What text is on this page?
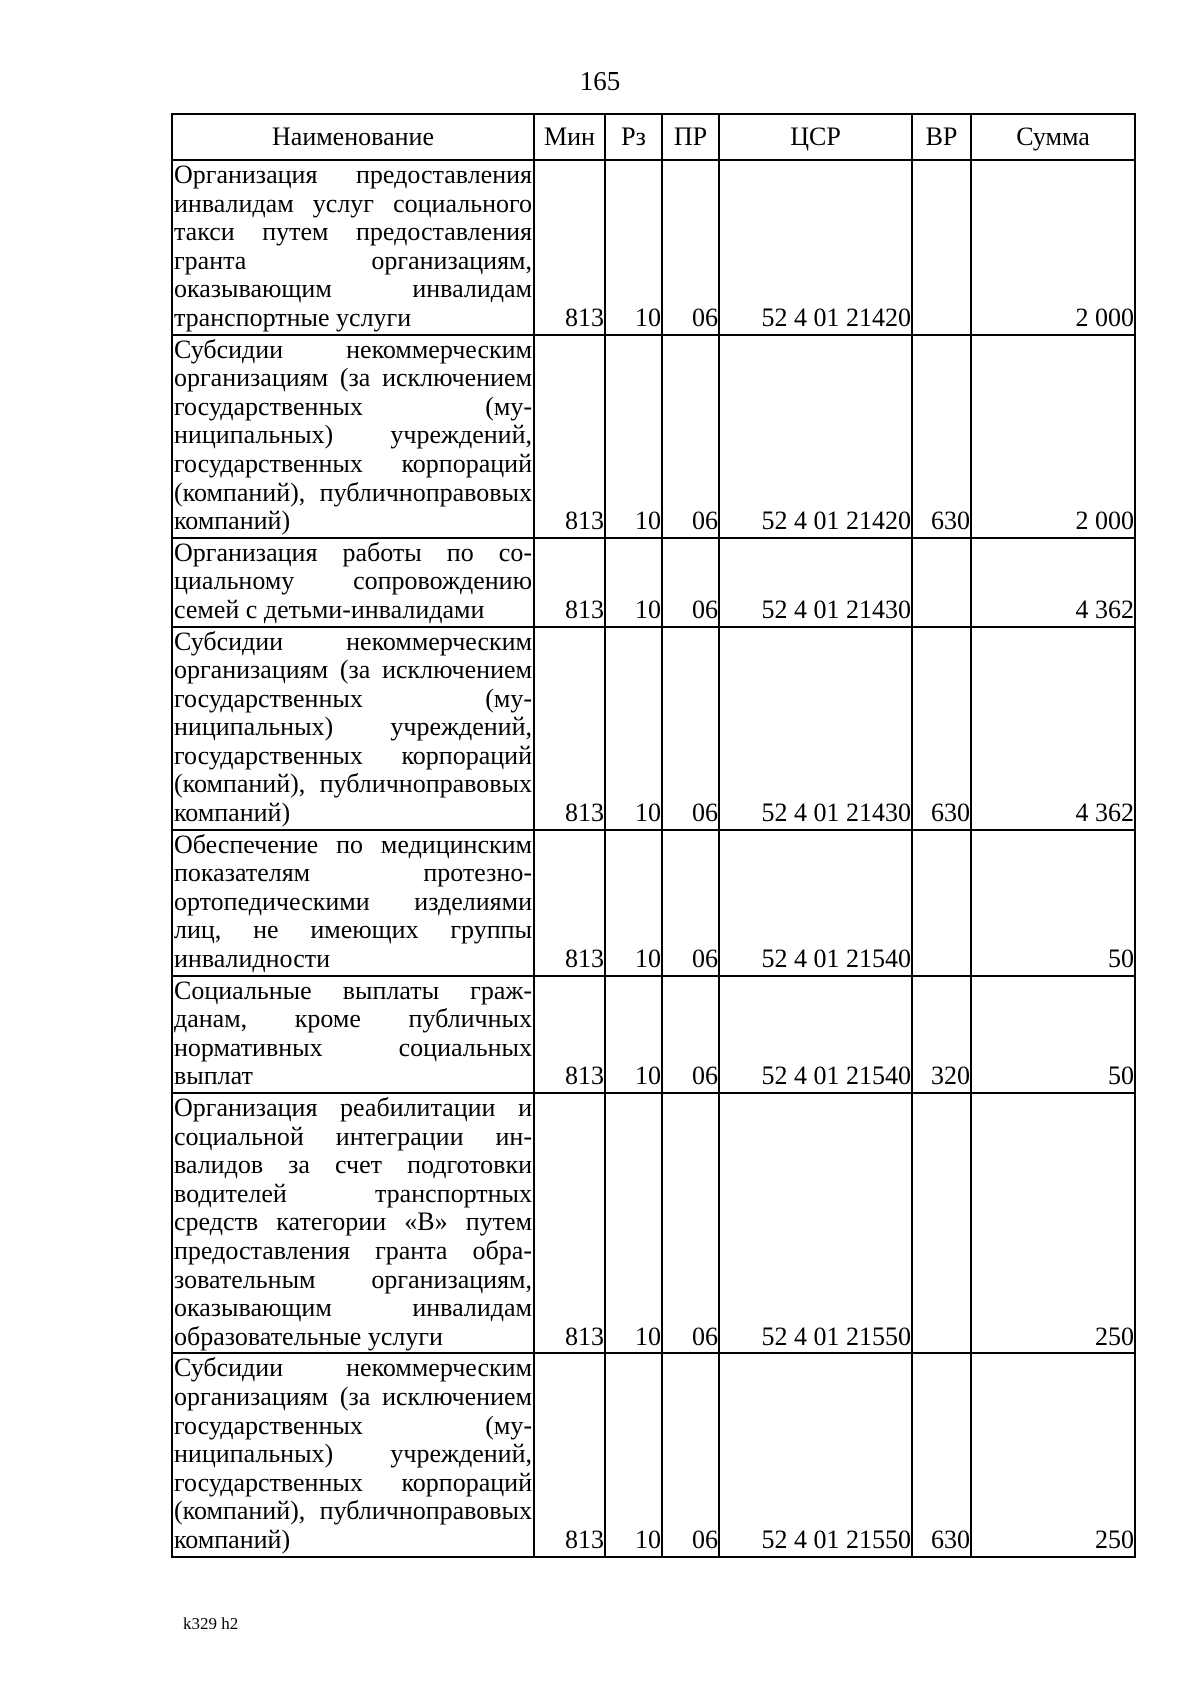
165
Наименование	Мин	Рз	ПР	ЦСР	ВР	Сумма
Организация предоставления инвалидам услуг социального такси путем предоставления гранта организациям, оказывающим инвалидам транспортные услуги	813	10	06	52 4 01 21420		2 000
Субсидии некоммерческим организациям (за исключением государственных (муниципальных) учреждений, государственных корпораций (компаний), публичноправовых компаний)	813	10	06	52 4 01 21420	630	2 000
Организация работы по социальному сопровождению семей с детьми-инвалидами	813	10	06	52 4 01 21430		4 362
Субсидии некоммерческим организациям (за исключением государственных (муниципальных) учреждений, государственных корпораций (компаний), публичноправовых компаний)	813	10	06	52 4 01 21430	630	4 362
Обеспечение по медицинским показателям протезноортопедическими изделиями лиц, не имеющих группы инвалидности	813	10	06	52 4 01 21540		50
Социальные выплаты гражданам, кроме публичных нормативных социальных выплат	813	10	06	52 4 01 21540	320	50
Организация реабилитации и социальной интеграции инвалидов за счет подготовки водителей транспортных средств категории «В» путем предоставления гранта образовательным организациям, оказывающим инвалидам образовательные услуги	813	10	06	52 4 01 21550		250
Субсидии некоммерческим организациям (за исключением государственных (муниципальных) учреждений, государственных корпораций (компаний), публичноправовых компаний)	813	10	06	52 4 01 21550	630	250
k329 h2
